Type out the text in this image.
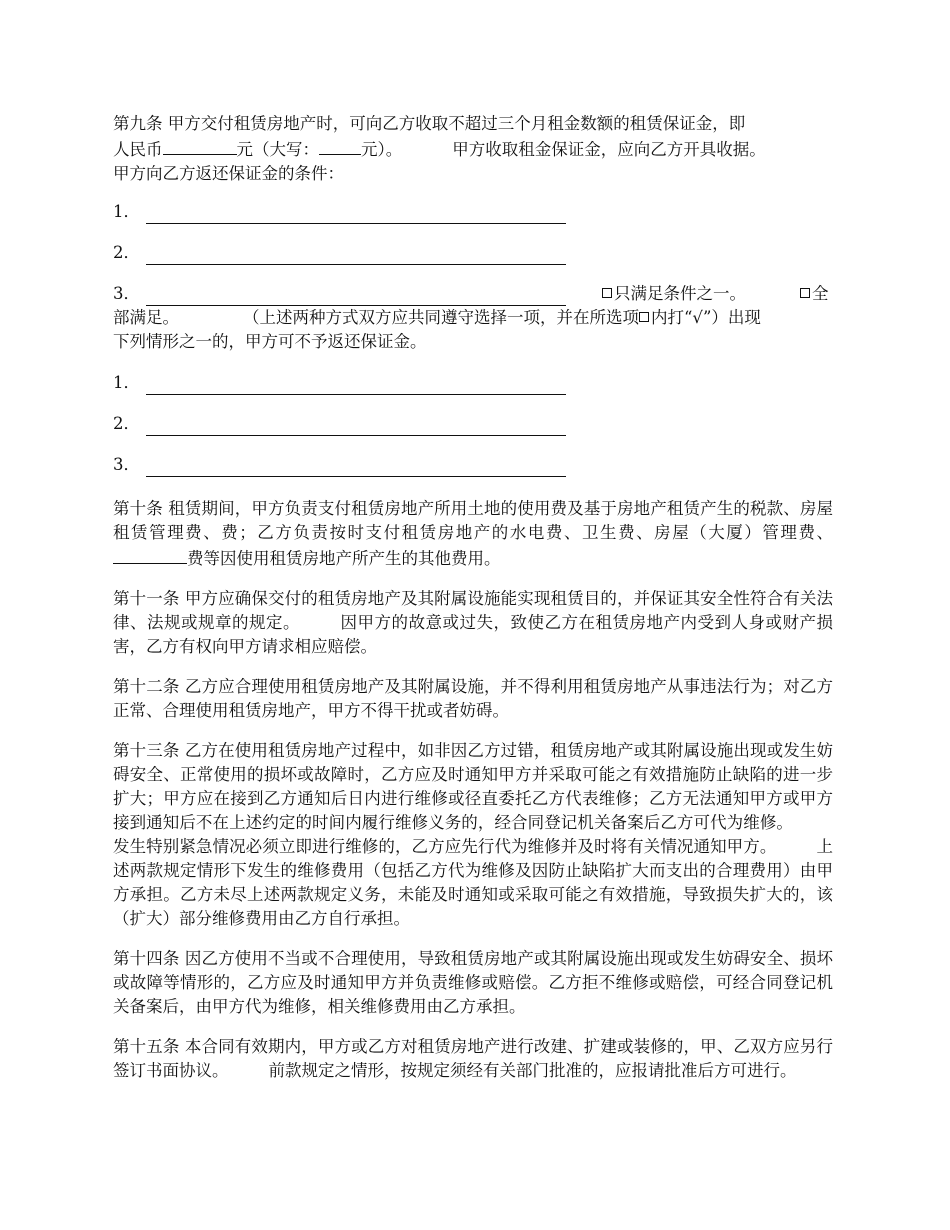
第九条 甲方交付租赁房地产时，可向乙方收取不超过三个月租金数额的租赁保证金，即
人民币	元（大写：	元）。	甲方收取租金保证金，应向乙方开具收据。
甲方向乙方返还保证金的条件：
1．
2．
3．	只满足条件之一。	全
部满足。	（上述两种方式双方应共同遵守选择一项，并在所选项 内打“√”）出现
下列情形之一的，甲方可不予返还保证金。
1．
2．
3．
第十条 租赁期间，甲方负责支付租赁房地产所用土地的使用费及基于房地产租赁产生的税款、房屋租赁管理费、费；乙方负责按时支付租赁房地产的水电费、卫生费、房屋（大厦）管理费、费等因使用租赁房地产所产生的其他费用。
第十一条 甲方应确保交付的租赁房地产及其附属设施能实现租赁目的，并保证其安全性符合有关法律、法规或规章的规定。 因甲方的故意或过失，致使乙方在租赁房地产内受到人身或财产损害，乙方有权向甲方请求相应赔偿。
第十二条 乙方应合理使用租赁房地产及其附属设施，并不得利用租赁房地产从事违法行为；对乙方正常、合理使用租赁房地产，甲方不得干扰或者妨碍。
第十三条 乙方在使用租赁房地产过程中，如非因乙方过错，租赁房地产或其附属设施出现或发生妨碍安全、正常使用的损坏或故障时，乙方应及时通知甲方并采取可能之有效措施防止缺陷的进一步扩大；甲方应在接到乙方通知后日内进行维修或径直委托乙方代表维修；乙方无法通知甲方或甲方接到通知后不在上述约定的时间内履行维修义务的，经合同登记机关备案后乙方可代为维修。发生特别紧急情况必须立即进行维修的，乙方应先行代为维修并及时将有关情况通知甲方。 上述两款规定情形下发生的维修费用（包括乙方代为维修及因防止缺陷扩大而支出的合理费用）由甲方承担。乙方未尽上述两款规定义务，未能及时通知或采取可能之有效措施，导致损失扩大的，该（扩大）部分维修费用由乙方自行承担。
第十四条 因乙方使用不当或不合理使用，导致租赁房地产或其附属设施出现或发生妨碍安全、损坏或故障等情形的，乙方应及时通知甲方并负责维修或赔偿。乙方拒不维修或赔偿，可经合同登记机关备案后，由甲方代为维修，相关维修费用由乙方承担。
第十五条 本合同有效期内，甲方或乙方对租赁房地产进行改建、扩建或装修的，甲、乙双方应另行签订书面协议。 前款规定之情形，按规定须经有关部门批准的，应报请批准后方可进行。
